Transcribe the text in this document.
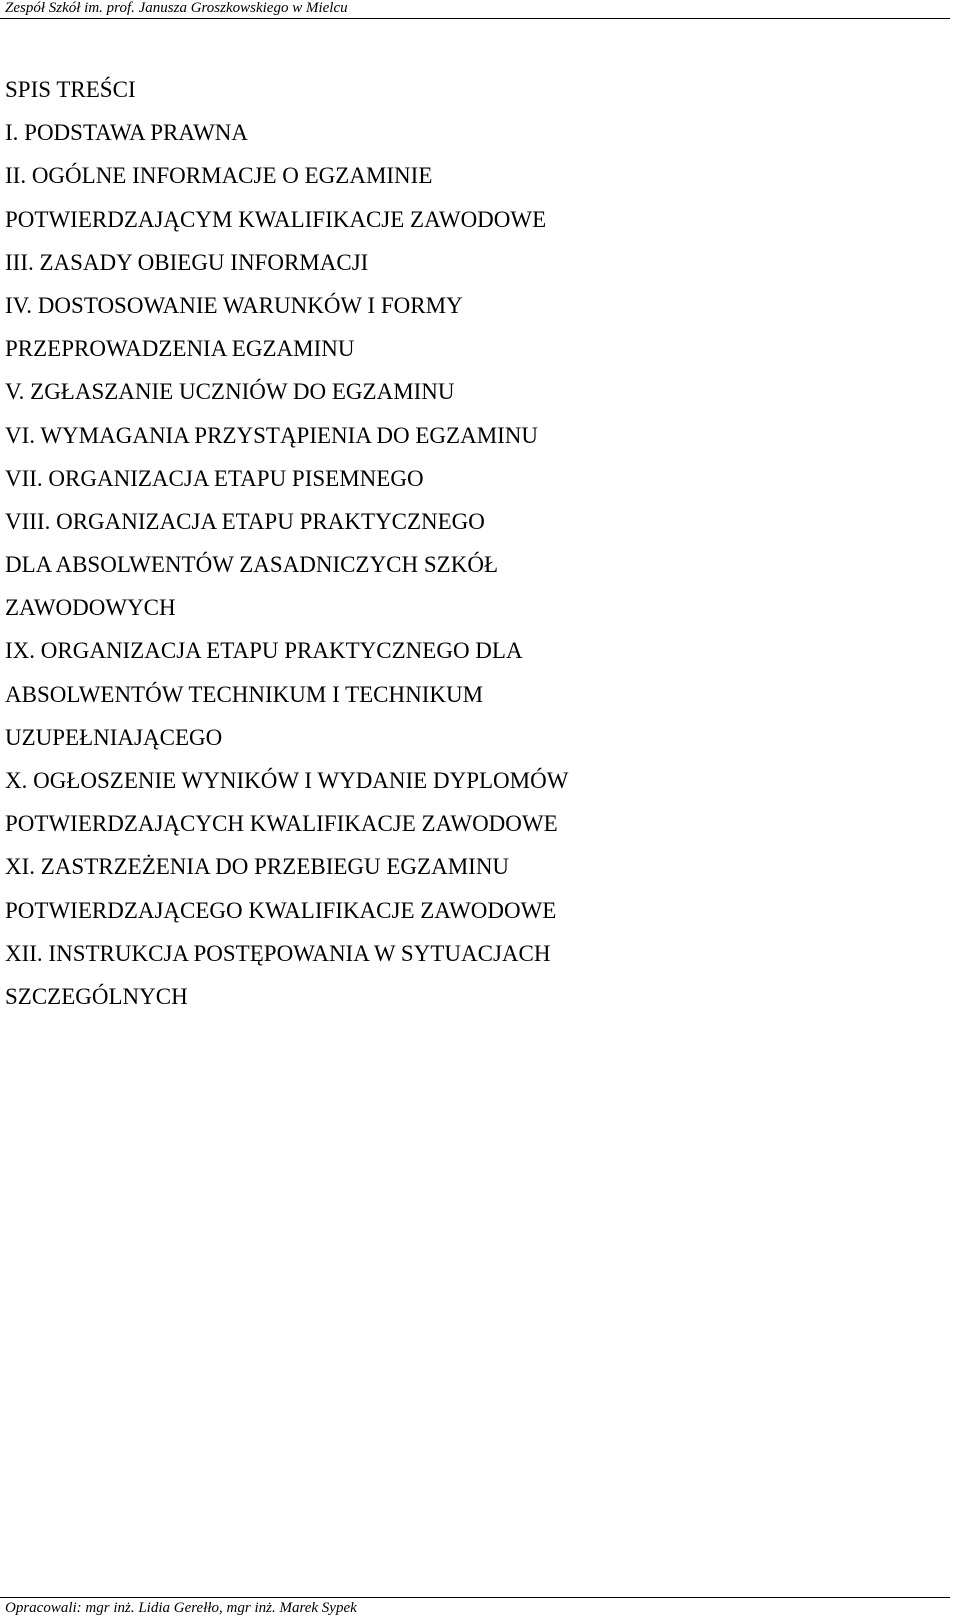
Zespół Szkół im. prof. Janusza Groszkowskiego w Mielcu
SPIS TREŚCI
I. PODSTAWA PRAWNA
II. OGÓLNE INFORMACJE O EGZAMINIE
POTWIERDZAJĄCYM KWALIFIKACJE ZAWODOWE
III. ZASADY OBIEGU INFORMACJI
IV. DOSTOSOWANIE WARUNKÓW I FORMY
PRZEPROWADZENIA EGZAMINU
V. ZGŁASZANIE UCZNIÓW DO EGZAMINU
VI. WYMAGANIA PRZYSTĄPIENIA DO EGZAMINU
VII. ORGANIZACJA ETAPU PISEMNEGO
VIII. ORGANIZACJA ETAPU PRAKTYCZNEGO
DLA ABSOLWENTÓW ZASADNICZYCH SZKÓŁ
ZAWODOWYCH
IX. ORGANIZACJA ETAPU PRAKTYCZNEGO DLA
ABSOLWENTÓW TECHNIKUM I TECHNIKUM
UZUPEŁNIAJĄCEGO
X. OGŁOSZENIE WYNIKÓW I WYDANIE DYPLOMÓW
POTWIERDZAJĄCYCH KWALIFIKACJE ZAWODOWE
XI. ZASTRZEŻENIA DO PRZEBIEGU EGZAMINU
POTWIERDZAJĄCEGO KWALIFIKACJE ZAWODOWE
XII. INSTRUKCJA POSTĘPOWANIA W SYTUACJACH
SZCZEGÓLNYCH
Opracowali: mgr inż. Lidia Gerełło, mgr inż. Marek Sypek
